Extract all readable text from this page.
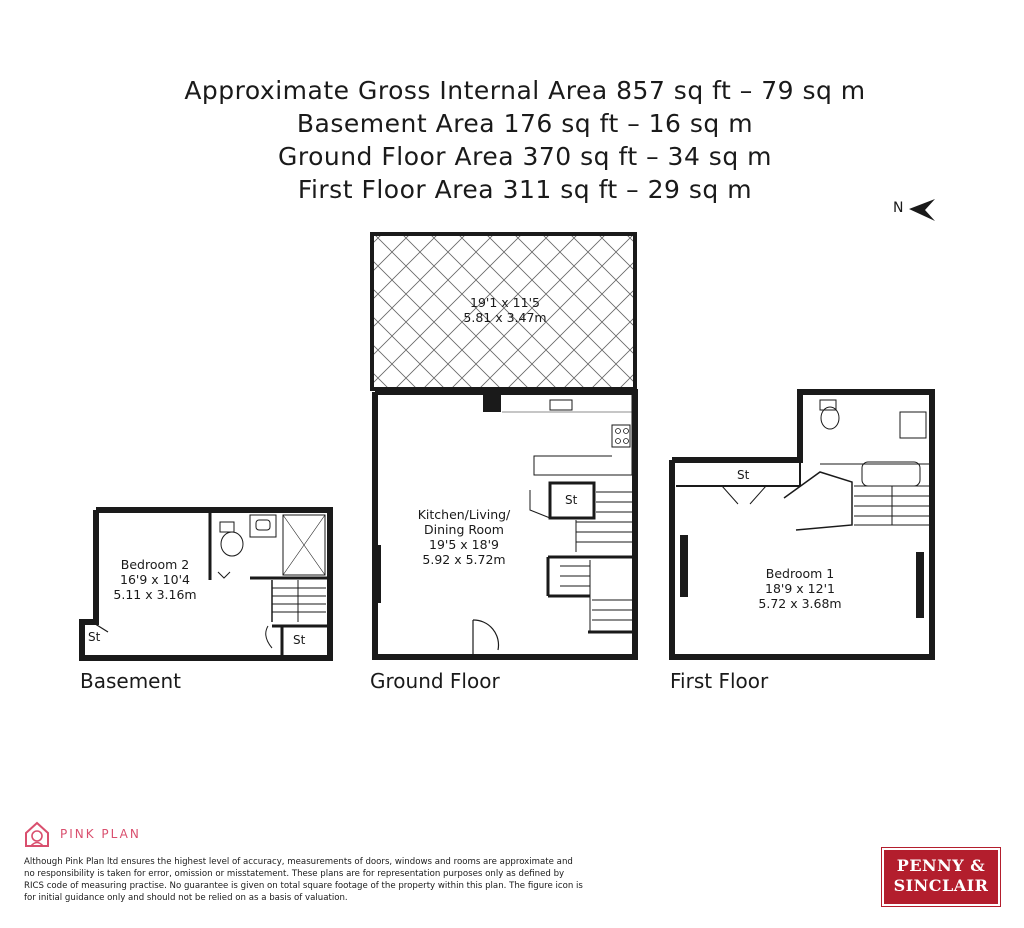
Approximate Gross Internal Area 857 sq ft – 79 sq m
Basement Area 176 sq ft – 16 sq m
Ground Floor Area 370 sq ft – 34 sq m
First Floor Area 311 sq ft – 29 sq m
N
Bedroom 2
16'9 x 10'4
5.11 x 3.16m
St	St
19'1 x 11'5
5.81 x 3.47m
Kitchen/Living/
Dining Room
19'5 x 18'9
5.92 x 5.72m
St
Bedroom 1
18'9 x 12'1
5.72 x 3.68m
St
Basement	Ground Floor	First Floor
PINK PLAN
Although Pink Plan ltd ensures the highest level of accuracy, measurements of doors, windows and rooms are approximate and no responsibility is taken for error, omission or misstatement. These plans are for representation purposes only as defined by RICS code of measuring practise. No guarantee is given on total square footage of the property within this plan. The figure icon is for initial guidance only and should not be relied on as a basis of valuation.
PENNY &
SINCLAIR
